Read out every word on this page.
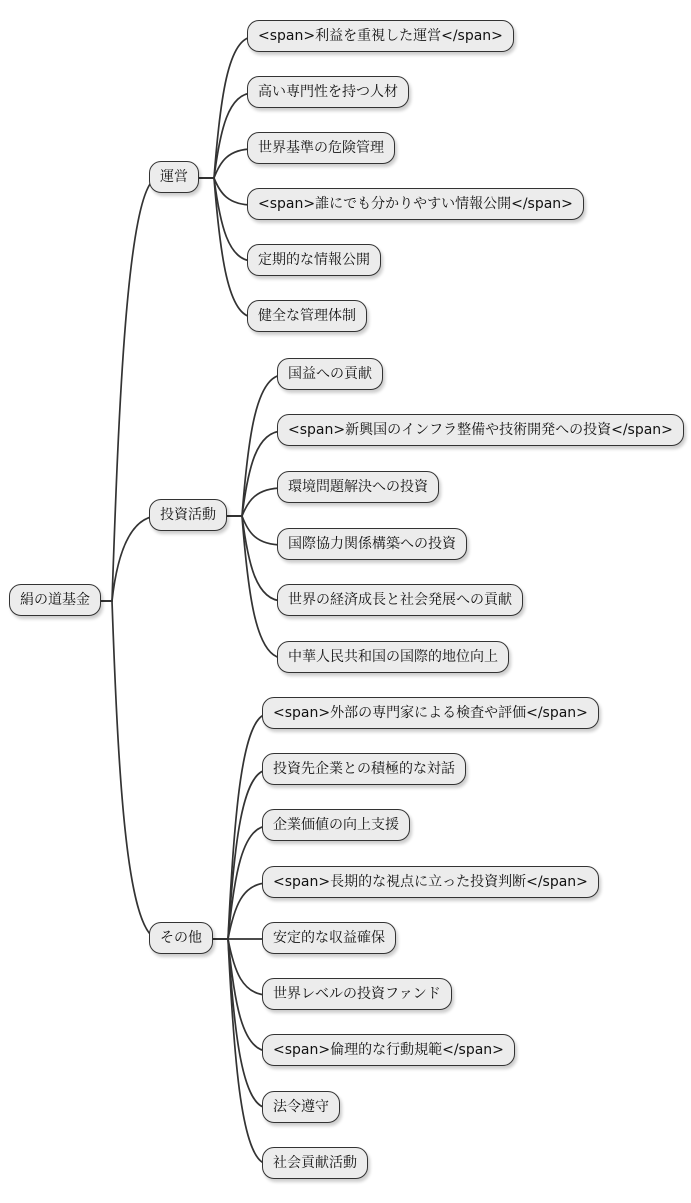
絹の道基金
運営
投資活動
その他
<span>利益を重視した運営</span>
高い専門性を持つ人材
世界基準の危険管理
<span>誰にでも分かりやすい情報公開</span>
定期的な情報公開
健全な管理体制
国益への貢献
<span>新興国のインフラ整備や技術開発への投資</span>
環境問題解決への投資
国際協力関係構築への投資
世界の経済成長と社会発展への貢献
中華人民共和国の国際的地位向上
<span>外部の専門家による検査や評価</span>
投資先企業との積極的な対話
企業価値の向上支援
<span>長期的な視点に立った投資判断</span>
安定的な収益確保
世界レベルの投資ファンド
<span>倫理的な行動規範</span>
法令遵守
社会貢献活動
